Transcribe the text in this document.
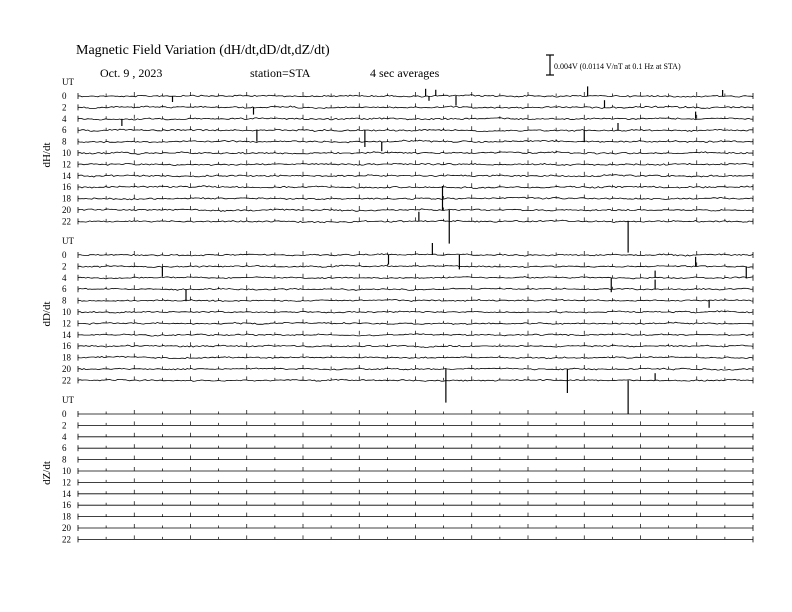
Magnetic Field Variation (dH/dt,dD/dt,dZ/dt)
Oct. 9 , 2023	station=STA	4 sec averages	0.004V (0.0114 V/nT at 0.1 Hz at STA)
UT
dH/dt
0
2
4
6
8
10
12
14
16
18
20
22
UT
dD/dt
0
2
4
6
8
10
12
14
16
18
20
22
UT
dZ/dt
0
2
4
6
8
10
12
14
16
18
20
22
